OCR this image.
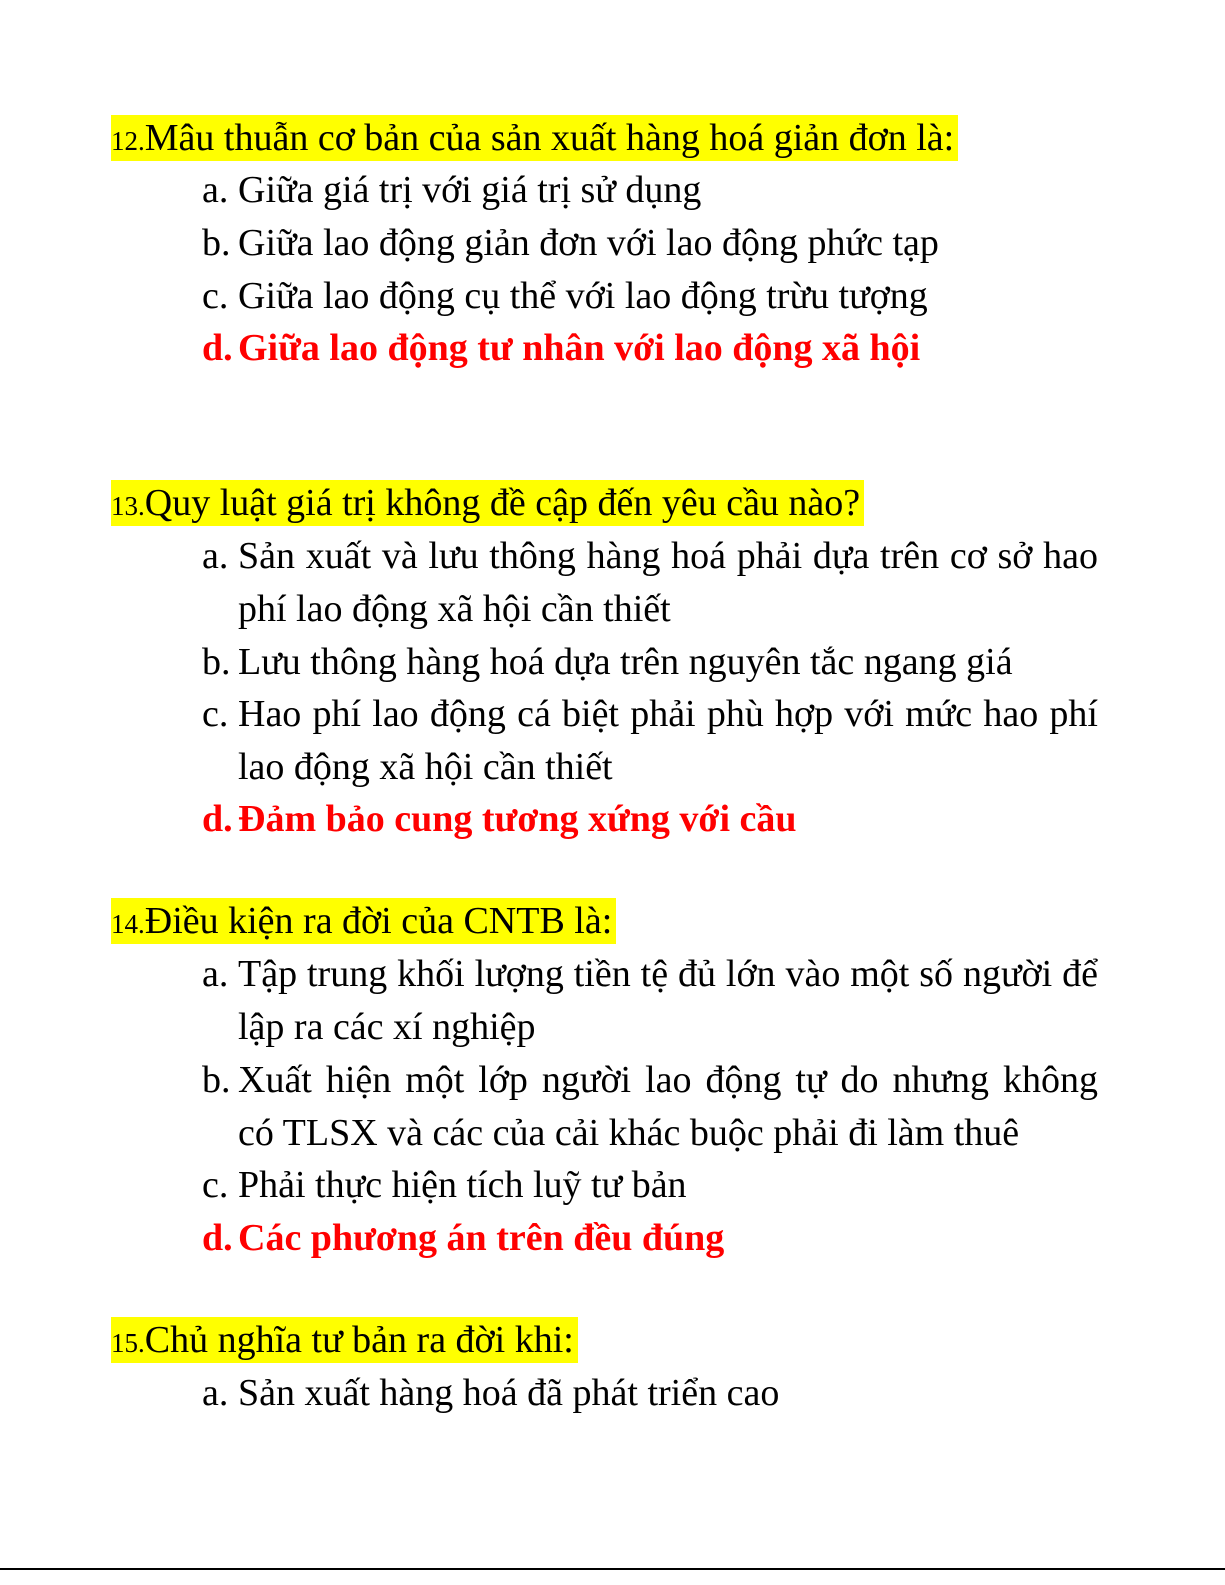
12.Mâu thuẫn cơ bản của sản xuất hàng hoá giản đơn là:
a. Giữa giá trị với giá trị sử dụng
b. Giữa lao động giản đơn với lao động phức tạp
c. Giữa lao động cụ thể với lao động trừu tượng
d. Giữa lao động tư nhân với lao động xã hội
13.Quy luật giá trị không đề cập đến yêu cầu nào?
a. Sản xuất và lưu thông hàng hoá phải dựa trên cơ sở hao phí lao động xã hội cần thiết
b. Lưu thông hàng hoá dựa trên nguyên tắc ngang giá
c. Hao phí lao động cá biệt phải phù hợp với mức hao phí lao động xã hội cần thiết
d. Đảm bảo cung tương xứng với cầu
14.Điều kiện ra đời của CNTB là:
a. Tập trung khối lượng tiền tệ đủ lớn vào một số người để lập ra các xí nghiệp
b. Xuất hiện một lớp người lao động tự do nhưng không có TLSX và các của cải khác buộc phải đi làm thuê
c. Phải thực hiện tích luỹ tư bản
d. Các phương án trên đều đúng
15.Chủ nghĩa tư bản ra đời khi:
a. Sản xuất hàng hoá đã phát triển cao
